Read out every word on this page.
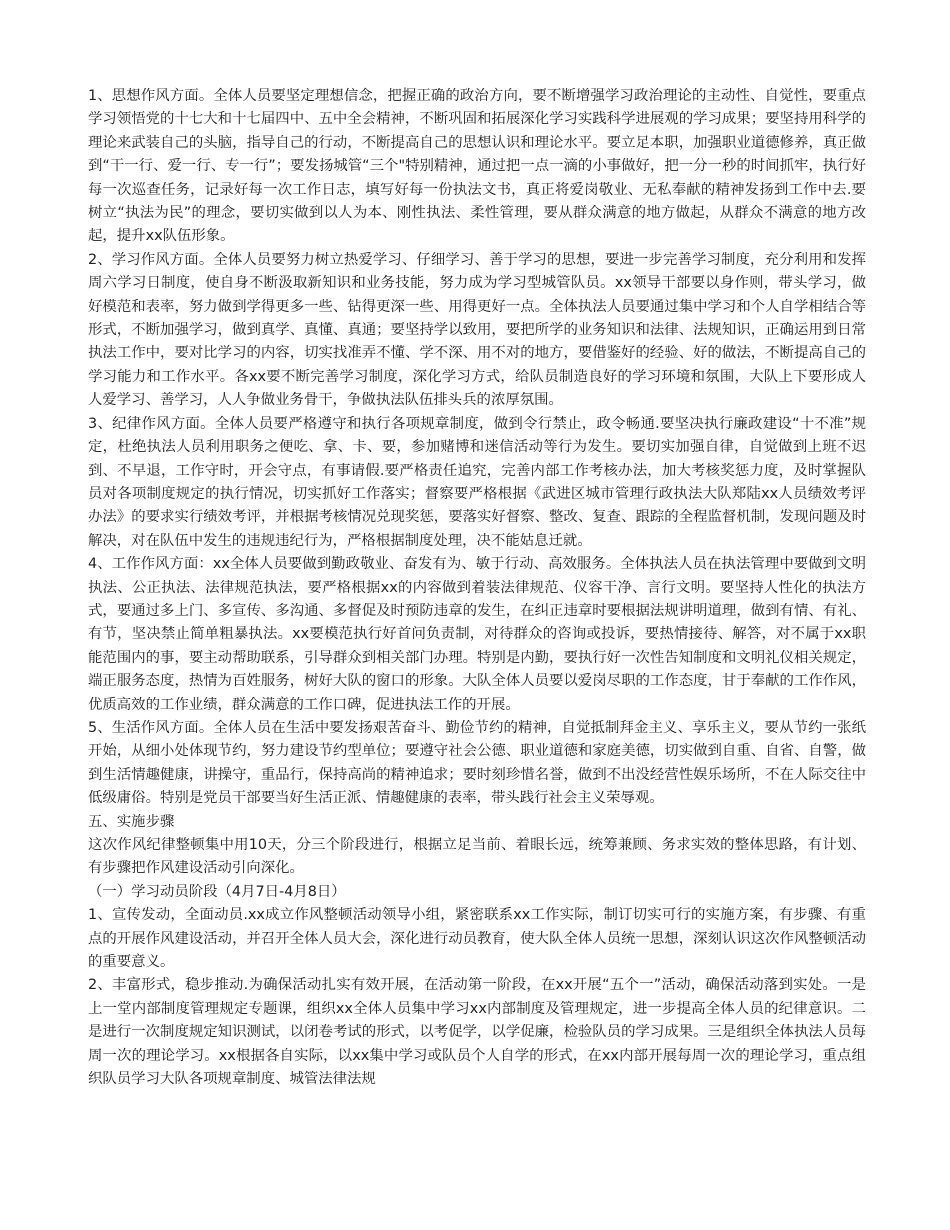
1、思想作风方面。全体人员要坚定理想信念，把握正确的政治方向，要不断增强学习政治理论的主动性、自觉性，要重点学习领悟党的十七大和十七届四中、五中全会精神，不断巩固和拓展深化学习实践科学进展观的学习成果；要坚持用科学的理论来武装自己的头脑，指导自己的行动，不断提高自己的思想认识和理论水平。要立足本职，加强职业道德修养，真正做到“干一行、爱一行、专一行”；要发扬城管“三个"特别精神，通过把一点一滴的小事做好，把一分一秒的时间抓牢，执行好每一次巡查任务，记录好每一次工作日志，填写好每一份执法文书，真正将爱岗敬业、无私奉献的精神发扬到工作中去.要树立“执法为民”的理念，要切实做到以人为本、刚性执法、柔性管理，要从群众满意的地方做起，从群众不满意的地方改起，提升xx队伍形象。

2、学习作风方面。全体人员要努力树立热爱学习、仔细学习、善于学习的思想，要进一步完善学习制度，充分利用和发挥周六学习日制度，使自身不断汲取新知识和业务技能，努力成为学习型城管队员。xx领导干部要以身作则，带头学习，做好模范和表率，努力做到学得更多一些、钻得更深一些、用得更好一点。全体执法人员要通过集中学习和个人自学相结合等形式，不断加强学习，做到真学、真懂、真通；要坚持学以致用，要把所学的业务知识和法律、法规知识，正确运用到日常执法工作中，要对比学习的内容，切实找准弄不懂、学不深、用不对的地方，要借鉴好的经验、好的做法，不断提高自己的学习能力和工作水平。各xx要不断完善学习制度，深化学习方式，给队员制造良好的学习环境和氛围，大队上下要形成人人爱学习、善学习，人人争做业务骨干，争做执法队伍排头兵的浓厚氛围。

3、纪律作风方面。全体人员要严格遵守和执行各项规章制度，做到令行禁止，政令畅通.要坚决执行廉政建设“十不准”规定，杜绝执法人员利用职务之便吃、拿、卡、要，参加赌博和迷信活动等行为发生。要切实加强自律，自觉做到上班不迟到、不早退，工作守时，开会守点，有事请假.要严格责任追究，完善内部工作考核办法，加大考核奖惩力度，及时掌握队员对各项制度规定的执行情况，切实抓好工作落实；督察要严格根据《武进区城市管理行政执法大队郑陆xx人员绩效考评办法》的要求实行绩效考评，并根据考核情况兑现奖惩，要落实好督察、整改、复查、跟踪的全程监督机制，发现问题及时解决，对在队伍中发生的违规违纪行为，严格根据制度处理，决不能姑息迁就。

4、工作作风方面：xx全体人员要做到勤政敬业、奋发有为、敏于行动、高效服务。全体执法人员在执法管理中要做到文明执法、公正执法、法律规范执法，要严格根据xx的内容做到着装法律规范、仪容干净、言行文明。要坚持人性化的执法方式，要通过多上门、多宣传、多沟通、多督促及时预防违章的发生，在纠正违章时要根据法规讲明道理，做到有情、有礼、有节，坚决禁止简单粗暴执法。xx要模范执行好首问负责制，对待群众的咨询或投诉，要热情接待、解答，对不属于xx职能范围内的事，要主动帮助联系，引导群众到相关部门办理。特别是内勤，要执行好一次性告知制度和文明礼仪相关规定，端正服务态度，热情为百姓服务，树好大队的窗口的形象。大队全体人员要以爱岗尽职的工作态度，甘于奉献的工作作风，优质高效的工作业绩，群众满意的工作口碑，促进执法工作的开展。

5、生活作风方面。全体人员在生活中要发扬艰苦奋斗、勤俭节约的精神，自觉抵制拜金主义、享乐主义，要从节约一张纸开始，从细小处体现节约，努力建设节约型单位；要遵守社会公德、职业道德和家庭美德，切实做到自重、自省、自警，做到生活情趣健康，讲操守，重品行，保持高尚的精神追求；要时刻珍惜名誉，做到不出没经营性娱乐场所，不在人际交往中低级庸俗。特别是党员干部要当好生活正派、情趣健康的表率，带头践行社会主义荣辱观。

五、实施步骤

这次作风纪律整顿集中用10天，分三个阶段进行，根据立足当前、着眼长远，统筹兼顾、务求实效的整体思路，有计划、有步骤把作风建设活动引向深化。

（一）学习动员阶段（4月7日-4月8日）

1、宣传发动，全面动员.xx成立作风整顿活动领导小组，紧密联系xx工作实际，制订切实可行的实施方案，有步骤、有重点的开展作风建设活动，并召开全体人员大会，深化进行动员教育，使大队全体人员统一思想，深刻认识这次作风整顿活动的重要意义。

2、丰富形式，稳步推动.为确保活动扎实有效开展，在活动第一阶段，在xx开展“五个一”活动，确保活动落到实处。一是上一堂内部制度管理规定专题课，组织xx全体人员集中学习xx内部制度及管理规定，进一步提高全体人员的纪律意识。二是进行一次制度规定知识测试，以闭卷考试的形式，以考促学，以学促廉，检验队员的学习成果。三是组织全体执法人员每周一次的理论学习。xx根据各自实际，以xx集中学习或队员个人自学的形式，在xx内部开展每周一次的理论学习，重点组织队员学习大队各项规章制度、城管法律法规
